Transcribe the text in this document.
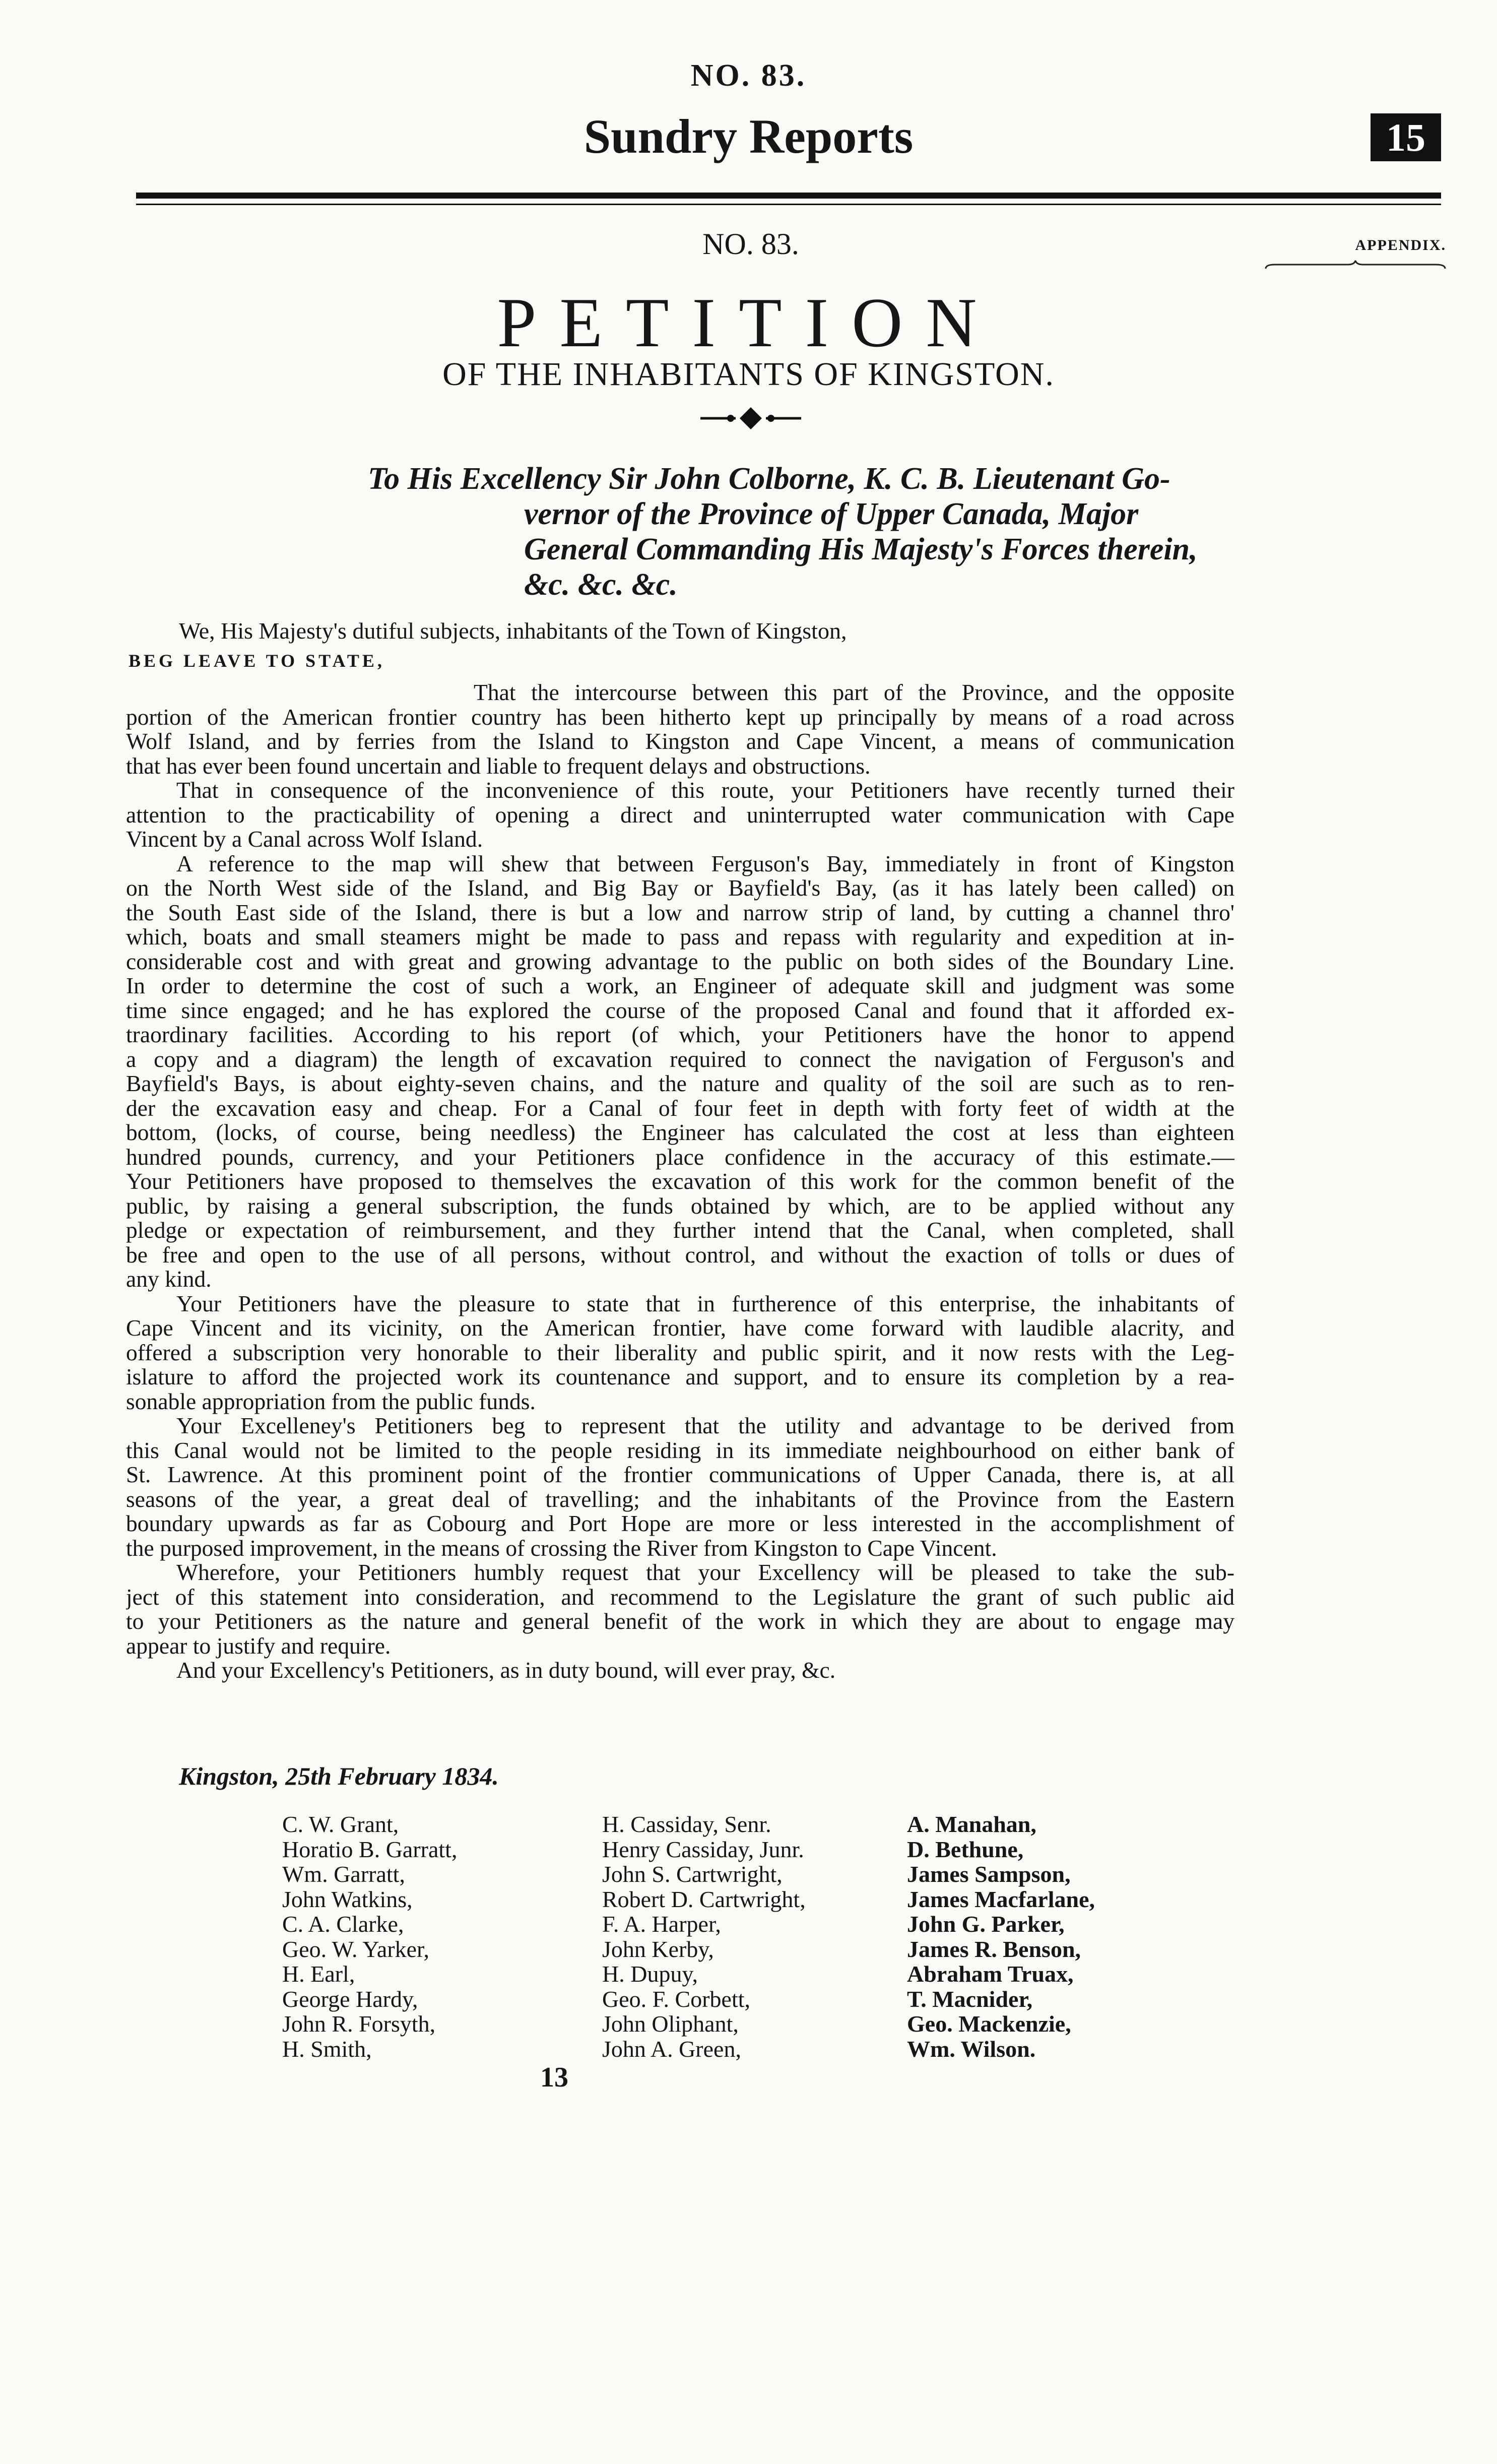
NO. 83.
Sundry Reports	15
APPENDIX.
NO. 83.
PETITION
OF THE INHABITANTS OF KINGSTON.
To His Excellency Sir John Colborne, K. C. B. Lieutenant Go-
vernor of the Province of Upper Canada, Major
General Commanding His Majesty's Forces therein,
&c. &c. &c.
We, His Majesty's dutiful subjects, inhabitants of the Town of Kingston,
BEG LEAVE TO STATE,
That the intercourse between this part of the Province, and the opposite
portion of the American frontier country has been hitherto kept up principally by means of a road across
Wolf Island, and by ferries from the Island to Kingston and Cape Vincent, a means of communication
that has ever been found uncertain and liable to frequent delays and obstructions.
That in consequence of the inconvenience of this route, your Petitioners have recently turned their
attention to the practicability of opening a direct and uninterrupted water communication with Cape
Vincent by a Canal across Wolf Island.
A reference to the map will shew that between Ferguson's Bay, immediately in front of Kingston
on the North West side of the Island, and Big Bay or Bayfield's Bay, (as it has lately been called) on
the South East side of the Island, there is but a low and narrow strip of land, by cutting a channel thro'
which, boats and small steamers might be made to pass and repass with regularity and expedition at in-
considerable cost and with great and growing advantage to the public on both sides of the Boundary Line.
In order to determine the cost of such a work, an Engineer of adequate skill and judgment was some
time since engaged; and he has explored the course of the proposed Canal and found that it afforded ex-
traordinary facilities. According to his report (of which, your Petitioners have the honor to append
a copy and a diagram) the length of excavation required to connect the navigation of Ferguson's and
Bayfield's Bays, is about eighty-seven chains, and the nature and quality of the soil are such as to ren-
der the excavation easy and cheap. For a Canal of four feet in depth with forty feet of width at the
bottom, (locks, of course, being needless) the Engineer has calculated the cost at less than eighteen
hundred pounds, currency, and your Petitioners place confidence in the accuracy of this estimate.—
Your Petitioners have proposed to themselves the excavation of this work for the common benefit of the
public, by raising a general subscription, the funds obtained by which, are to be applied without any
pledge or expectation of reimbursement, and they further intend that the Canal, when completed, shall
be free and open to the use of all persons, without control, and without the exaction of tolls or dues of
any kind.
Your Petitioners have the pleasure to state that in furtherence of this enterprise, the inhabitants of
Cape Vincent and its vicinity, on the American frontier, have come forward with laudible alacrity, and
offered a subscription very honorable to their liberality and public spirit, and it now rests with the Leg-
islature to afford the projected work its countenance and support, and to ensure its completion by a rea-
sonable appropriation from the public funds.
Your Excelleney's Petitioners beg to represent that the utility and advantage to be derived from
this Canal would not be limited to the people residing in its immediate neighbourhood on either bank of
St. Lawrence. At this prominent point of the frontier communications of Upper Canada, there is, at all
seasons of the year, a great deal of travelling; and the inhabitants of the Province from the Eastern
boundary upwards as far as Cobourg and Port Hope are more or less interested in the accomplishment of
the purposed improvement, in the means of crossing the River from Kingston to Cape Vincent.
Wherefore, your Petitioners humbly request that your Excellency will be pleased to take the sub-
ject of this statement into consideration, and recommend to the Legislature the grant of such public aid
to your Petitioners as the nature and general benefit of the work in which they are about to engage may
appear to justify and require.
And your Excellency's Petitioners, as in duty bound, will ever pray, &c.
Kingston, 25th February 1834.
C. W. Grant,
Horatio B. Garratt,
Wm. Garratt,
John Watkins,
C. A. Clarke,
Geo. W. Yarker,
H. Earl,
George Hardy,
John R. Forsyth,
H. Smith,
H. Cassiday, Senr.
Henry Cassiday, Junr.
John S. Cartwright,
Robert D. Cartwright,
F. A. Harper,
John Kerby,
H. Dupuy,
Geo. F. Corbett,
John Oliphant,
John A. Green,
A. Manahan,
D. Bethune,
James Sampson,
James Macfarlane,
John G. Parker,
James R. Benson,
Abraham Truax,
T. Macnider,
Geo. Mackenzie,
Wm. Wilson.
13
